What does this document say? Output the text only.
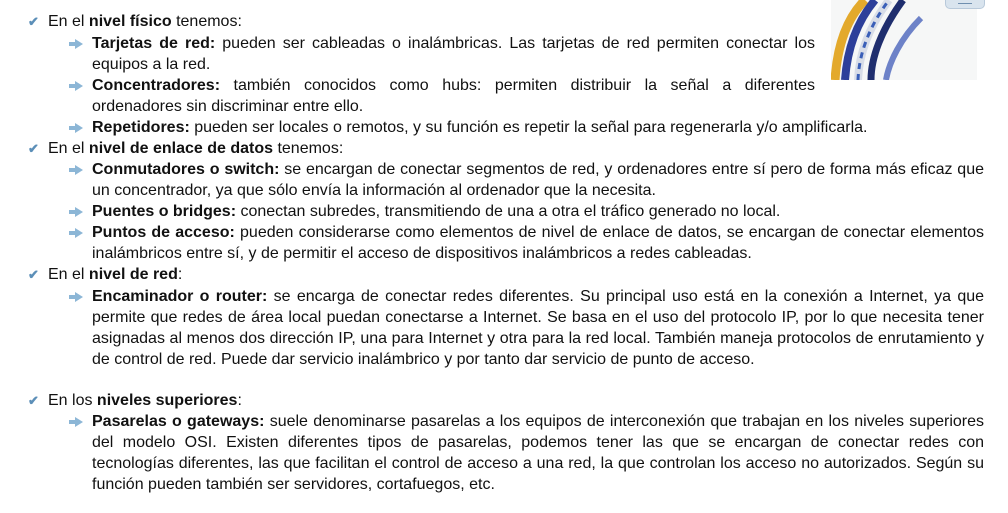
✔ En el nivel físico tenemos:
Tarjetas de red: pueden ser cableadas o inalámbricas. Las tarjetas de red permiten conectar los equipos a la red.
Concentradores: también conocidos como hubs: permiten distribuir la señal a diferentes ordenadores sin discriminar entre ello.
Repetidores: pueden ser locales o remotos, y su función es repetir la señal para regenerarla y/o amplificarla.
✔ En el nivel de enlace de datos tenemos:
Conmutadores o switch: se encargan de conectar segmentos de red, y ordenadores entre sí pero de forma más eficaz que un concentrador, ya que sólo envía la información al ordenador que la necesita.
Puentes o bridges: conectan subredes, transmitiendo de una a otra el tráfico generado no local.
Puntos de acceso: pueden considerarse como elementos de nivel de enlace de datos, se encargan de conectar elementos inalámbricos entre sí, y de permitir el acceso de dispositivos inalámbricos a redes cableadas.
✔ En el nivel de red:
Encaminador o router: se encarga de conectar redes diferentes. Su principal uso está en la conexión a Internet, ya que permite que redes de área local puedan conectarse a Internet. Se basa en el uso del protocolo IP, por lo que necesita tener asignadas al menos dos dirección IP, una para Internet y otra para la red local. También maneja protocolos de enrutamiento y de control de red. Puede dar servicio inalámbrico y por tanto dar servicio de punto de acceso.
✔ En los niveles superiores:
Pasarelas o gateways: suele denominarse pasarelas a los equipos de interconexión que trabajan en los niveles superiores del modelo OSI. Existen diferentes tipos de pasarelas, podemos tener las que se encargan de conectar redes con tecnologías diferentes, las que facilitan el control de acceso a una red, la que controlan los acceso no autorizados. Según su función pueden también ser servidores, cortafuegos, etc.
